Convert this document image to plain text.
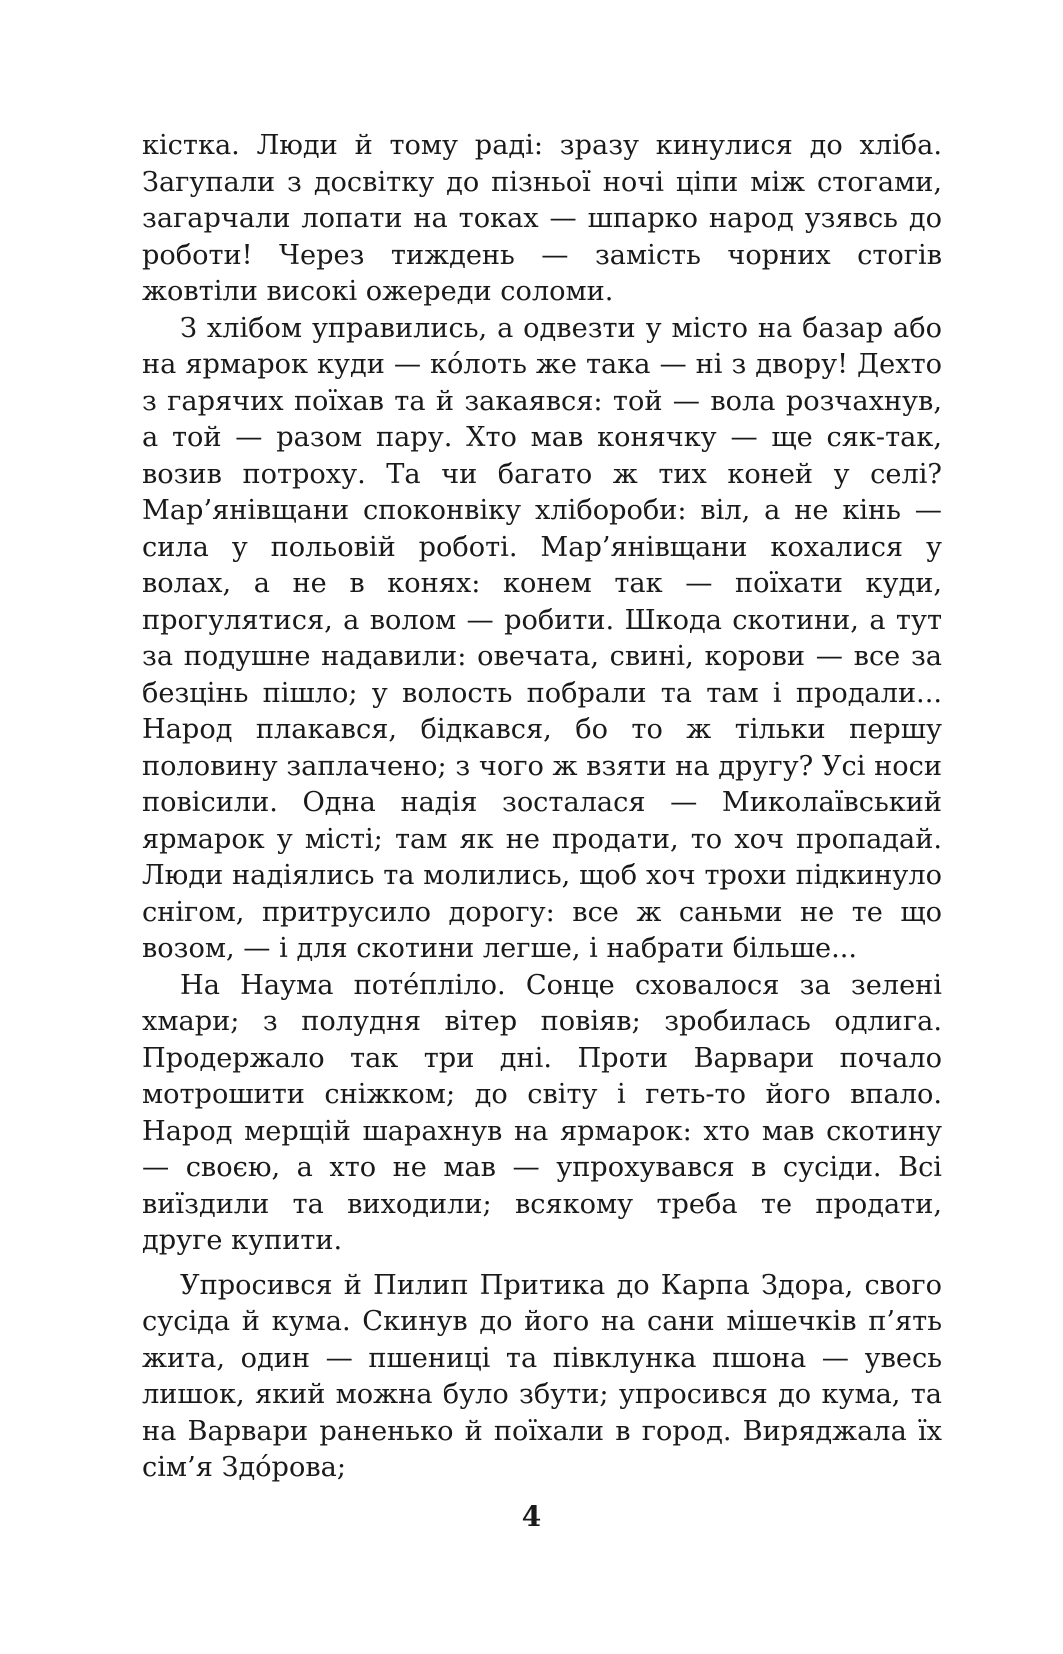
кістка. Люди й тому раді: зразу кинулися до хліба. Загупали з досвітку до пізньої ночі ціпи між стогами, загарчали лопати на токах — шпарко народ узявсь до роботи! Через тиждень — замість чорних стогів жовтіли високі ожереди соломи.

З хлібом управились, а одвезти у місто на базар або на ярмарок куди — ко́лоть же така — ні з двору! Дехто з гарячих поїхав та й закаявся: той — вола розчахнув, а той — разом пару. Хто мав конячку — ще сяк-так, возив потроху. Та чи багато ж тих коней у селі? Мар’янівщани споконвіку хлібороби: віл, а не кінь — сила у польовій роботі. Мар’янівщани кохалися у волах, а не в конях: конем так — поїхати куди, прогулятися, а волом — робити. Шкода скотини, а тут за подушне надавили: овечата, свині, корови — все за безцінь пішло; у волость побрали та там і продали... Народ плакався, бідкався, бо то ж тільки першу половину заплачено; з чого ж взяти на другу? Усі носи повісили. Одна надія зосталася — Миколаївський ярмарок у місті; там як не продати, то хоч пропадай. Люди надіялись та молились, щоб хоч трохи підкинуло снігом, притрусило дорогу: все ж саньми не те що возом, — і для скотини легше, і набрати більше...

На Наума поте́пліло. Сонце сховалося за зелені хмари; з полудня вітер повіяв; зробилась одлига. Продержало так три дні. Проти Варвари почало мотрошити сніжком; до світу і геть-то його впало. Народ мерщій шарахнув на ярмарок: хто мав скотину — своєю, а хто не мав — упрохувався в сусіди. Всі виїздили та виходили; всякому треба те продати, друге купити.

Упросився й Пилип Притика до Карпа Здора, свого сусіда й кума. Скинув до його на сани мішечків п’ять жита, один — пшениці та півклунка пшона — увесь лишок, який можна було збути; упросився до кума, та на Варвари раненько й поїхали в город. Виряджала їх сім’я Здо́рова;

4
